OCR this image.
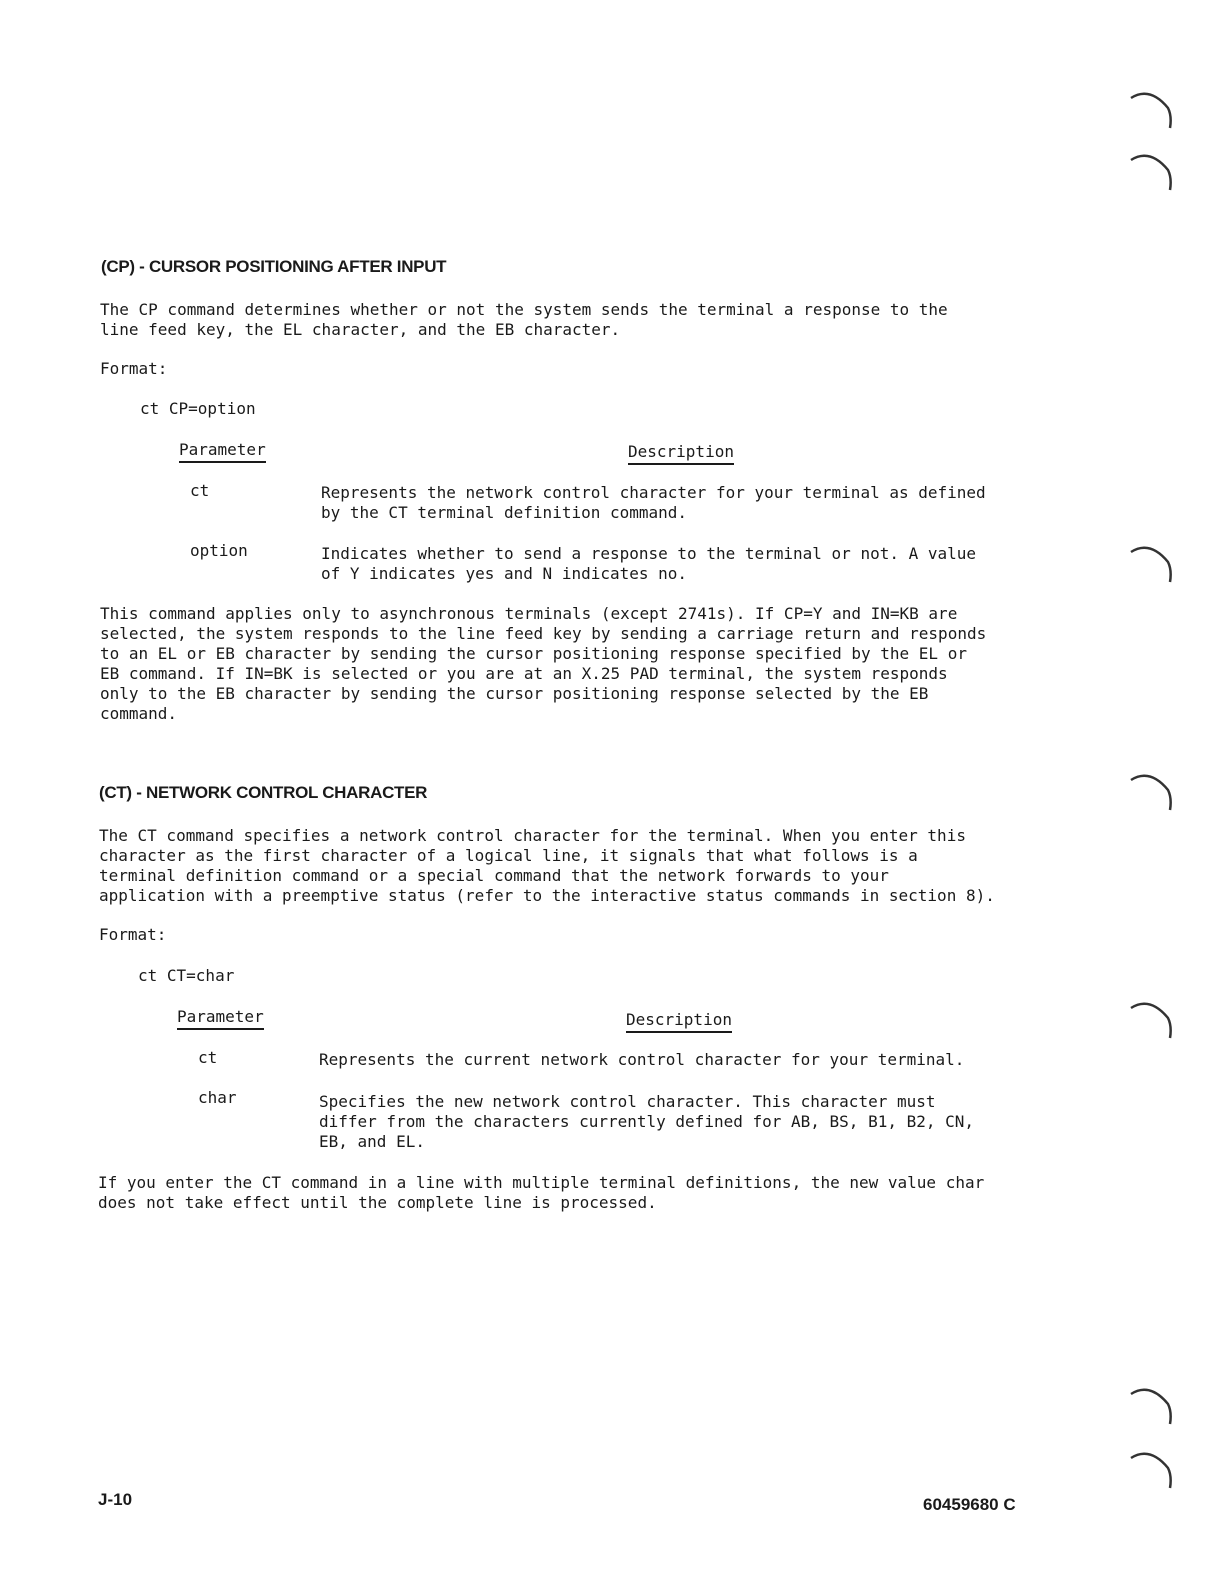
(CP) - CURSOR POSITIONING AFTER INPUT

The CP command determines whether or not the system sends the terminal a response to the

line feed key, the EL character, and the EB character.

Format:
ct CP=option
Parameter	Description
ct	Represents the network control character for your terminal as defined

by the CT terminal definition command.

option	Indicates whether to send a response to the terminal or not. A value

of Y indicates yes and N indicates no.

This command applies only to asynchronous terminals (except 2741s). If CP=Y and IN=KB are

selected, the system responds to the line feed key by sending a carriage return and responds

to an EL or EB character by sending the cursor positioning response specified by the EL or

EB command. If IN=BK is selected or you are at an X.25 PAD terminal, the system responds

only to the EB character by sending the cursor positioning response selected by the EB

command.

(CT) - NETWORK CONTROL CHARACTER

The CT command specifies a network control character for the terminal. When you enter this

character as the first character of a logical line, it signals that what follows is a

terminal definition command or a special command that the network forwards to your

application with a preemptive status (refer to the interactive status commands in section 8).

Format:
ct CT=char
Parameter	Description
ct	Represents the current network control character for your terminal.

char	Specifies the new network control character. This character must

differ from the characters currently defined for AB, BS, B1, B2, CN,

EB, and EL.

If you enter the CT command in a line with multiple terminal definitions, the new value char

does not take effect until the complete line is processed.

J-10	60459680 C
